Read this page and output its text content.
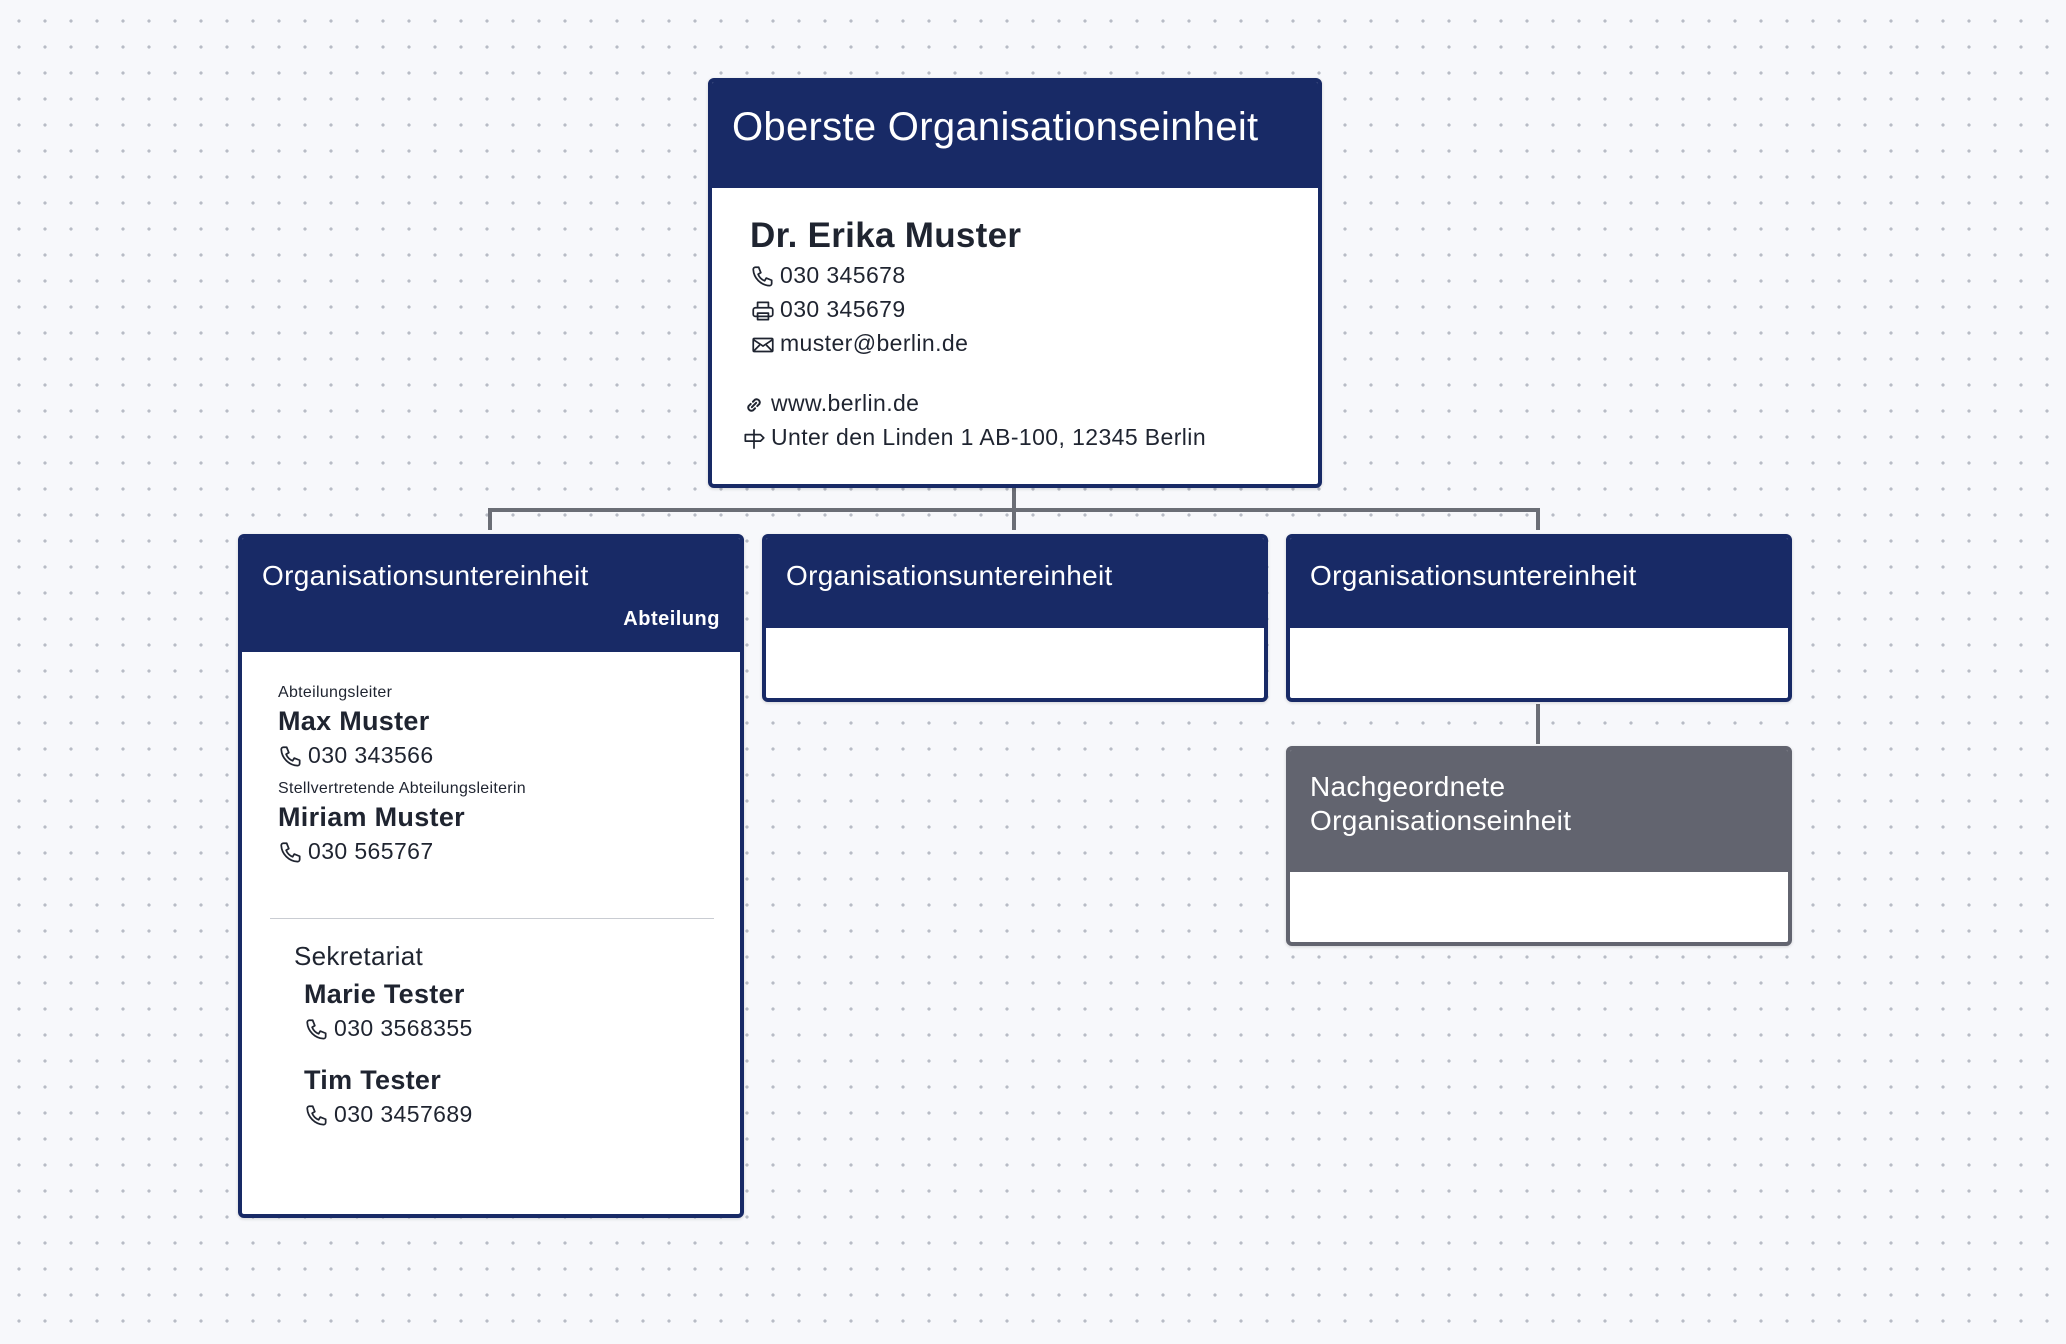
Oberste Organisationseinheit
Dr. Erika Muster
030 345678
030 345679
muster@berlin.de
www.berlin.de
Unter den Linden 1 AB-100, 12345 Berlin
Organisationsuntereinheit
Abteilung
Abteilungsleiter
Max Muster
030 343566
Stellvertretende Abteilungsleiterin
Miriam Muster
030 565767
Sekretariat
Marie Tester
030 3568355
Tim Tester
030 3457689
Organisationsuntereinheit	Organisationsuntereinheit
Nachgeordnete
Organisationseinheit
